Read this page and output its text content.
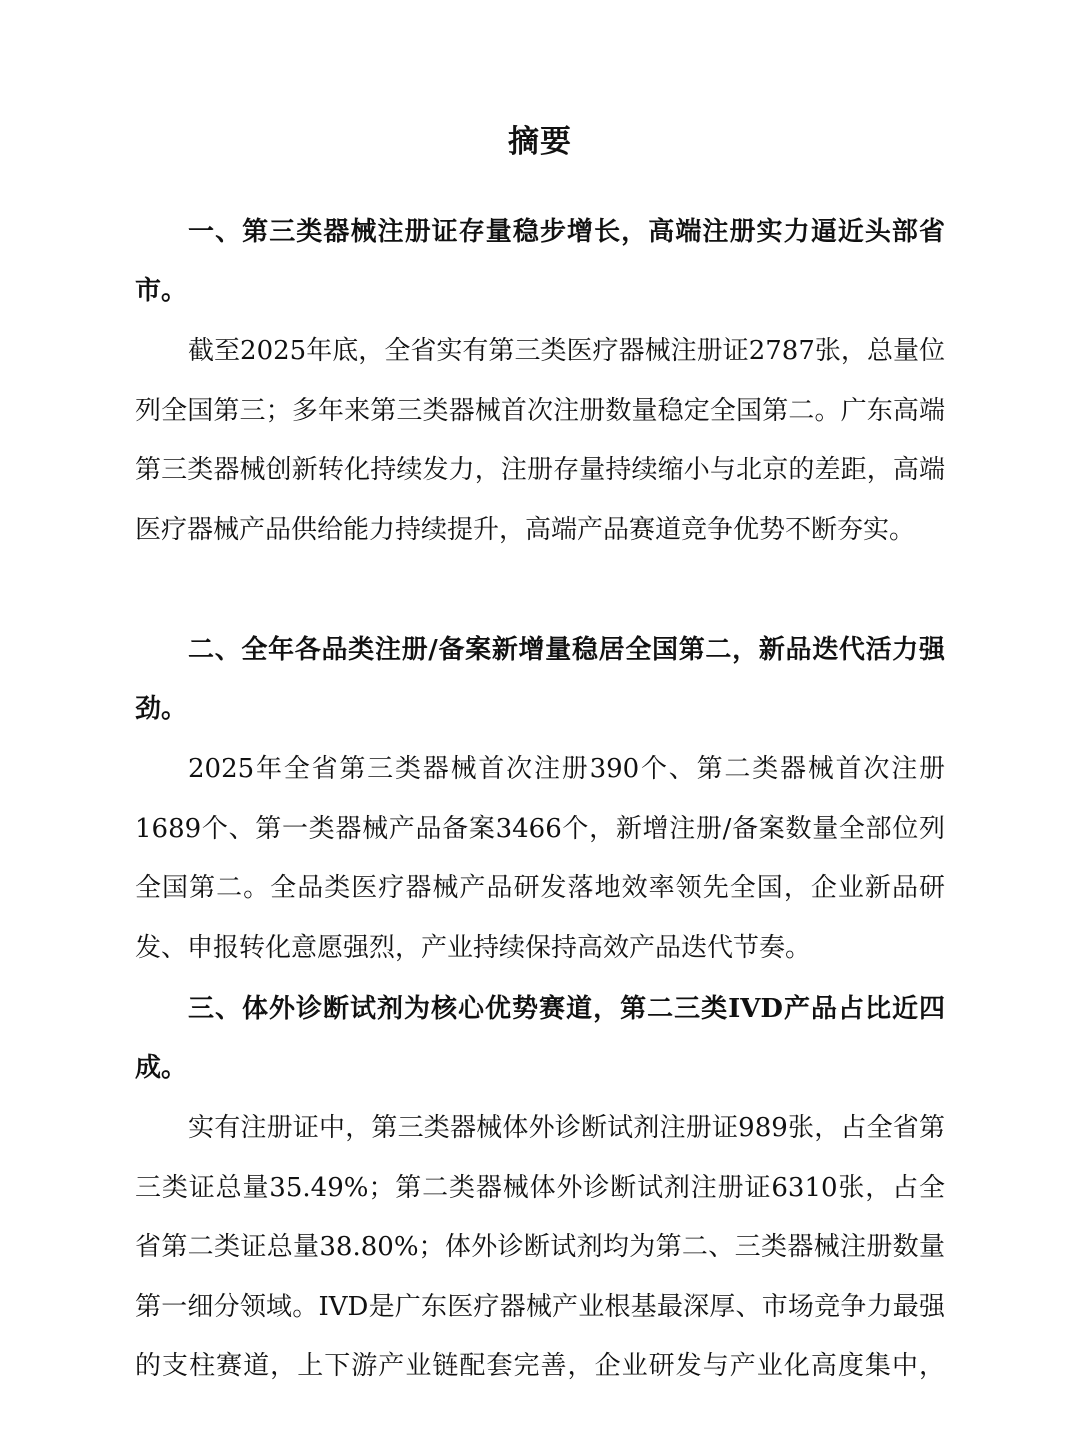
摘要

一、第三类器械注册证存量稳步增长，高端注册实力逼近头部省市。

截至2025年底，全省实有第三类医疗器械注册证2787张，总量位列全国第三；多年来第三类器械首次注册数量稳定全国第二。广东高端第三类器械创新转化持续发力，注册存量持续缩小与北京的差距，高端医疗器械产品供给能力持续提升，高端产品赛道竞争优势不断夯实。

二、全年各品类注册/备案新增量稳居全国第二，新品迭代活力强劲。

2025年全省第三类器械首次注册390个、第二类器械首次注册1689个、第一类器械产品备案3466个，新增注册/备案数量全部位列全国第二。全品类医疗器械产品研发落地效率领先全国，企业新品研发、申报转化意愿强烈，产业持续保持高效产品迭代节奏。

三、体外诊断试剂为核心优势赛道，第二三类IVD产品占比近四成。

实有注册证中，第三类器械体外诊断试剂注册证989张，占全省第三类证总量35.49%；第二类器械体外诊断试剂注册证6310张，占全省第二类证总量38.80%；体外诊断试剂均为第二、三类器械注册数量第一细分领域。IVD是广东医疗器械产业根基最深厚、市场竞争力最强的支柱赛道，上下游产业链配套完善，企业研发与产业化高度集中，
